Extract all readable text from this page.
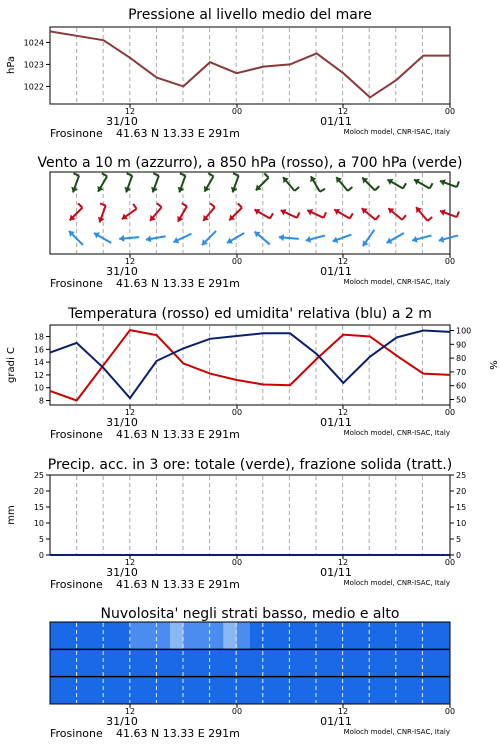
Pressione al livello medio del mare
1022
1023
1024
hPa
12	00	12	00
31/10	01/11
Frosinone 41.63 N 13.33 E 291m	Moloch model, CNR-ISAC, Italy
Vento a 10 m (azzurro), a 850 hPa (rosso), a 700 hPa (verde)
12	00	12	00
31/10	01/11
Frosinone 41.63 N 13.33 E 291m	Moloch model, CNR-ISAC, Italy
Temperatura (rosso) ed umidita' relativa (blu) a 2 m
8
10
12
14
16
18
50
60
70
80
90
100
gradi C	%
12	00	12	00
31/10	01/11
Frosinone 41.63 N 13.33 E 291m	Moloch model, CNR-ISAC, Italy
Precip. acc. in 3 ore: totale (verde), frazione solida (tratt.)
0
5
10
15
20
25
0
5
10
15
20
25
mm
12	00	12	00
31/10	01/11
Frosinone 41.63 N 13.33 E 291m	Moloch model, CNR-ISAC, Italy
Nuvolosita' negli strati basso, medio e alto
12	00	12	00
31/10	01/11
Frosinone 41.63 N 13.33 E 291m	Moloch model, CNR-ISAC, Italy
